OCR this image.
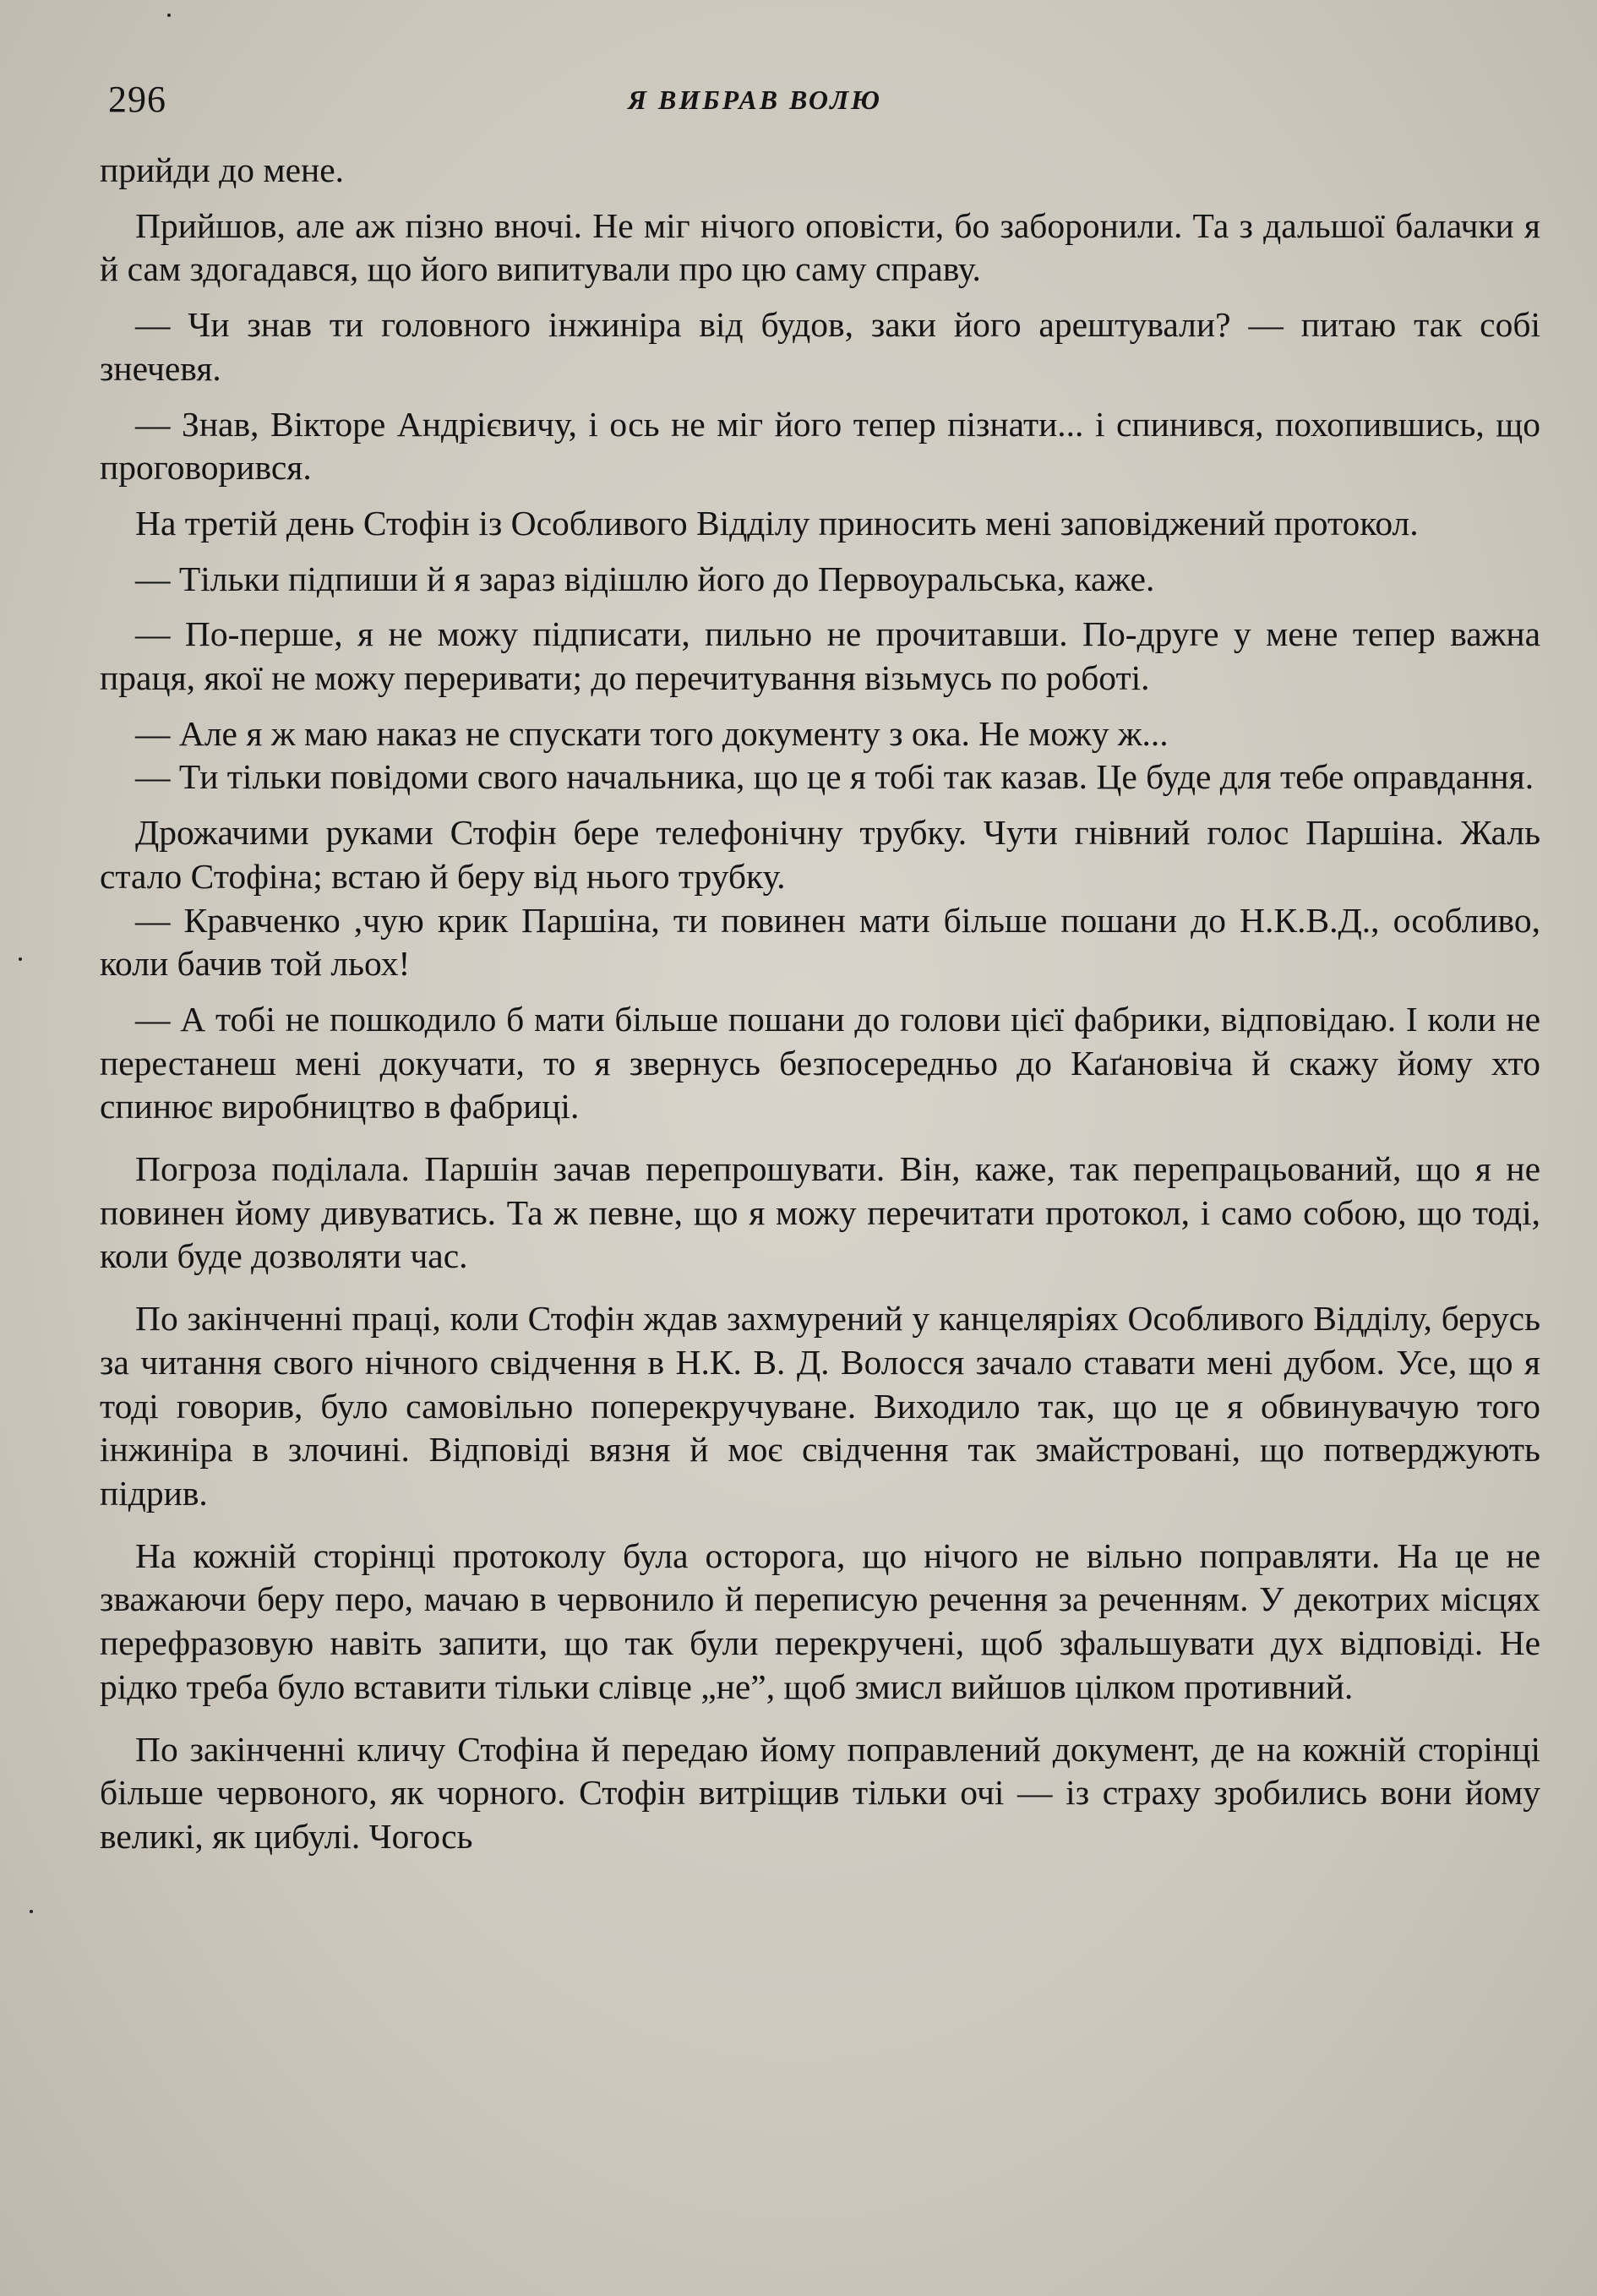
296	Я ВИБРАВ ВОЛЮ

прийди до мене.

Прийшов, але аж пізно вночі. Не міг нічого оповісти, бо заборонили. Та з дальшої балачки я й сам здогадався, що його випитували про цю саму справу.

— Чи знав ти головного інжиніра від будов, заки його арештували? — питаю так собі знечевя.

— Знав, Вікторе Андрієвичу, і ось не міг його тепер пізнати... і спинився, похопившись, що проговорився.

На третій день Стофін із Особливого Відділу приносить мені заповіджений протокол.

— Тільки підпиши й я зараз відішлю його до Первоуральська, каже.

— По-перше, я не можу підписати, пильно не прочитавши. По-друге у мене тепер важна праця, якої не можу переривати; до перечитування візьмусь по роботі.

— Але я ж маю наказ не спускати того документу з ока. Не можу ж...

— Ти тільки повідоми свого начальника, що це я тобі так казав. Це буде для тебе оправдання.

Дрожачими руками Стофін бере телефонічну трубку. Чути гнівний голос Паршіна. Жаль стало Стофіна; встаю й беру від нього трубку.

— Кравченко ,чую крик Паршіна, ти повинен мати більше пошани до Н.К.В.Д., особливо, коли бачив той льох!

— А тобі не пошкодило б мати більше пошани до голови цієї фабрики, відповідаю. І коли не перестанеш мені докучати, то я звернусь безпосередньо до Каґановіча й скажу йому хто спинює виробництво в фабриці.

Погроза поділала. Паршін зачав перепрошувати. Він, каже, так перепрацьований, що я не повинен йому дивуватись. Та ж певне, що я можу перечитати протокол, і само собою, що тоді, коли буде дозволяти час.

По закінченні праці, коли Стофін ждав захмурений у канцеляріях Особливого Відділу, берусь за читання свого нічного свідчення в Н.К. В. Д. Волосся зачало ставати мені дубом. Усе, що я тоді говорив, було самовільно поперекручуване. Виходило так, що це я обвинувачую того інжиніра в злочині. Відповіді вязня й моє свідчення так змайстровані, що потверджують підрив.

На кожній сторінці протоколу була осторога, що нічого не вільно поправляти. На це не зважаючи беру перо, мачаю в червонило й переписую речення за реченням. У декотрих місцях перефразовую навіть запити, що так були перекручені, щоб зфальшувати дух відповіді. Не рідко треба було вставити тільки слівце „не”, щоб змисл вийшов цілком противний.

По закінченні кличу Стофіна й передаю йому поправлений документ, де на кожній сторінці більше червоного, як чорного. Стофін витріщив тільки очі — із страху зробились вони йому великі, як цибулі. Чогось
